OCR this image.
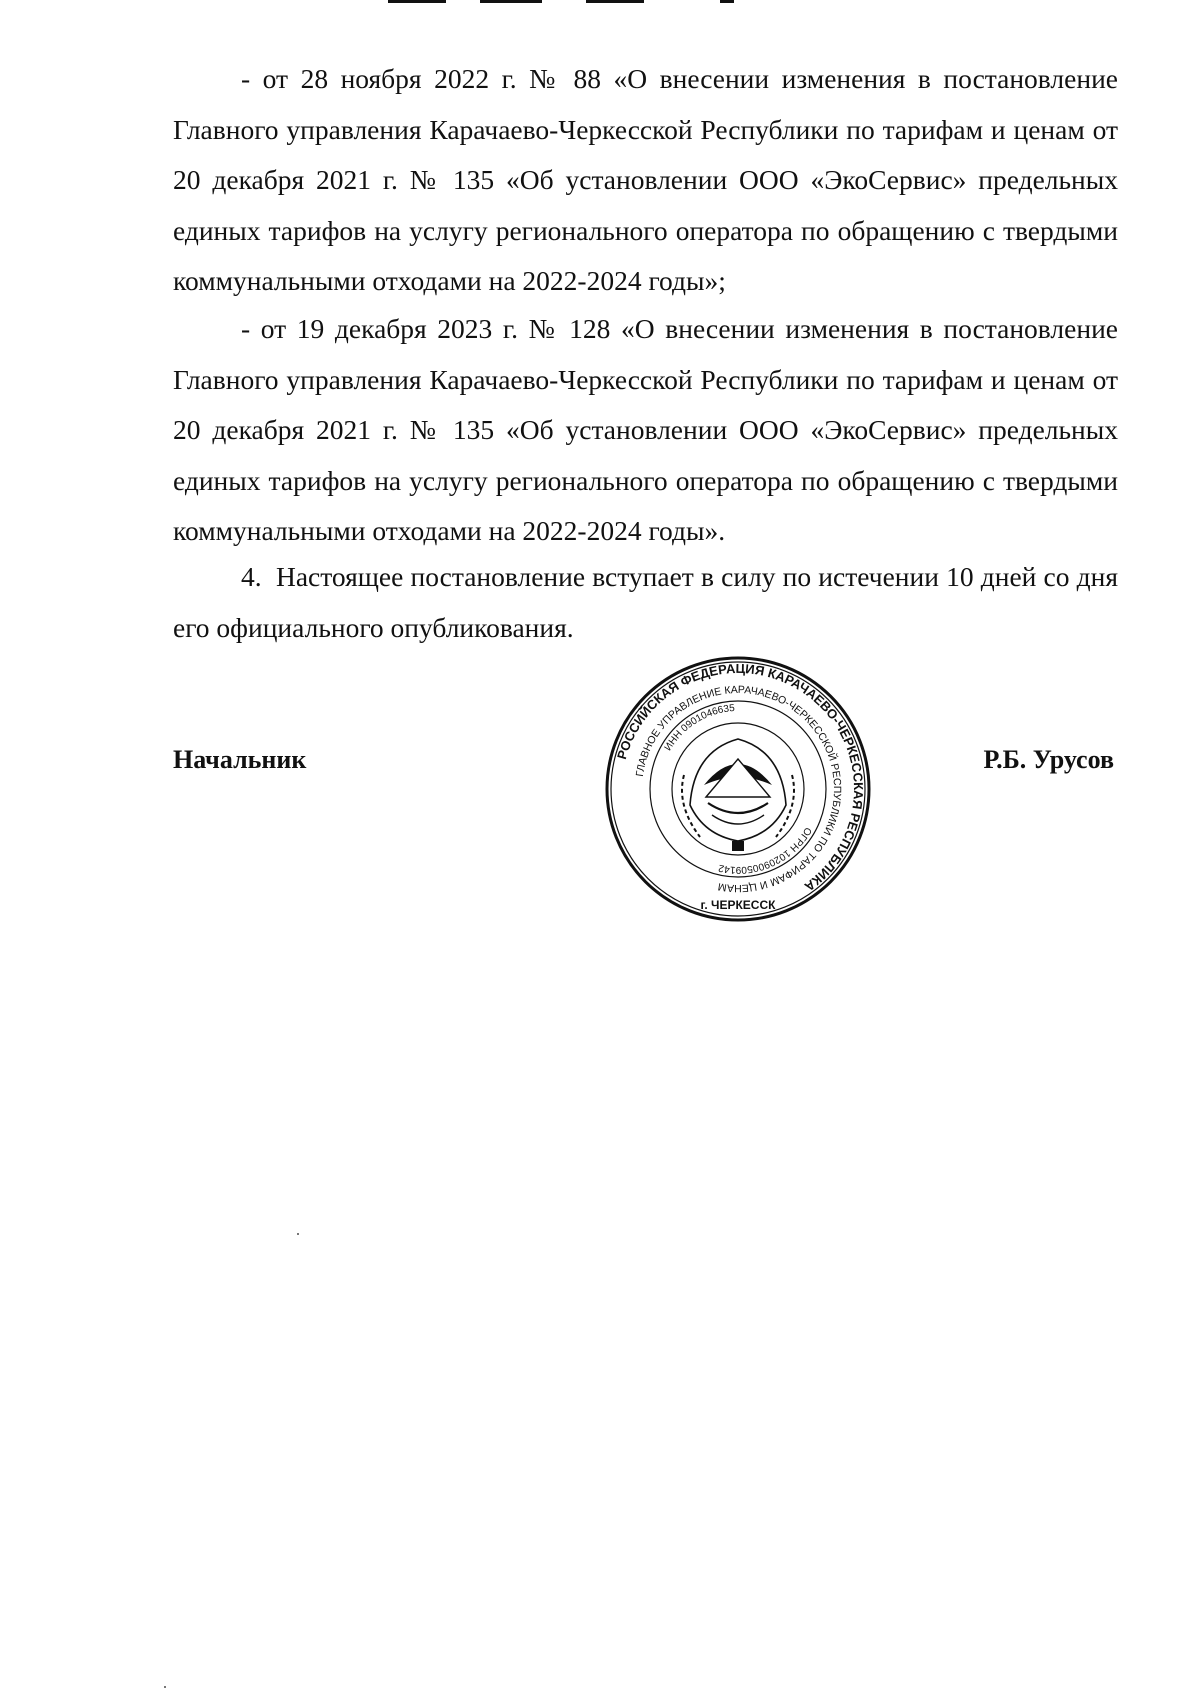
- от 28 ноября 2022 г. № 88 «О внесении изменения в постановление Главного управления Карачаево-Черкесской Республики по тарифам и ценам от 20 декабря 2021 г. № 135 «Об установлении ООО «ЭкоСервис» предельных единых тарифов на услугу регионального оператора по обращению с твердыми коммунальными отходами на 2022-2024 годы»;

- от 19 декабря 2023 г. № 128 «О внесении изменения в постановление Главного управления Карачаево-Черкесской Республики по тарифам и ценам от 20 декабря 2021 г. № 135 «Об установлении ООО «ЭкоСервис» предельных единых тарифов на услугу регионального оператора по обращению с твердыми коммунальными отходами на 2022-2024 годы».

4. Настоящее постановление вступает в силу по истечении 10 дней со дня его официального опубликования.

Начальник	Р.Б. Урусов
РОССИЙСКАЯ ФЕДЕРАЦИЯ КАРАЧАЕВО-ЧЕРКЕССКАЯ РЕСПУБЛИКА
ГЛАВНОЕ УПРАВЛЕНИЕ КАРАЧАЕВО-ЧЕРКЕССКОЙ РЕСПУБЛИКИ ПО ТАРИФАМ И ЦЕНАМ
ИНН 0901046635
ОГРН 1020900509142
г. ЧЕРКЕССК
